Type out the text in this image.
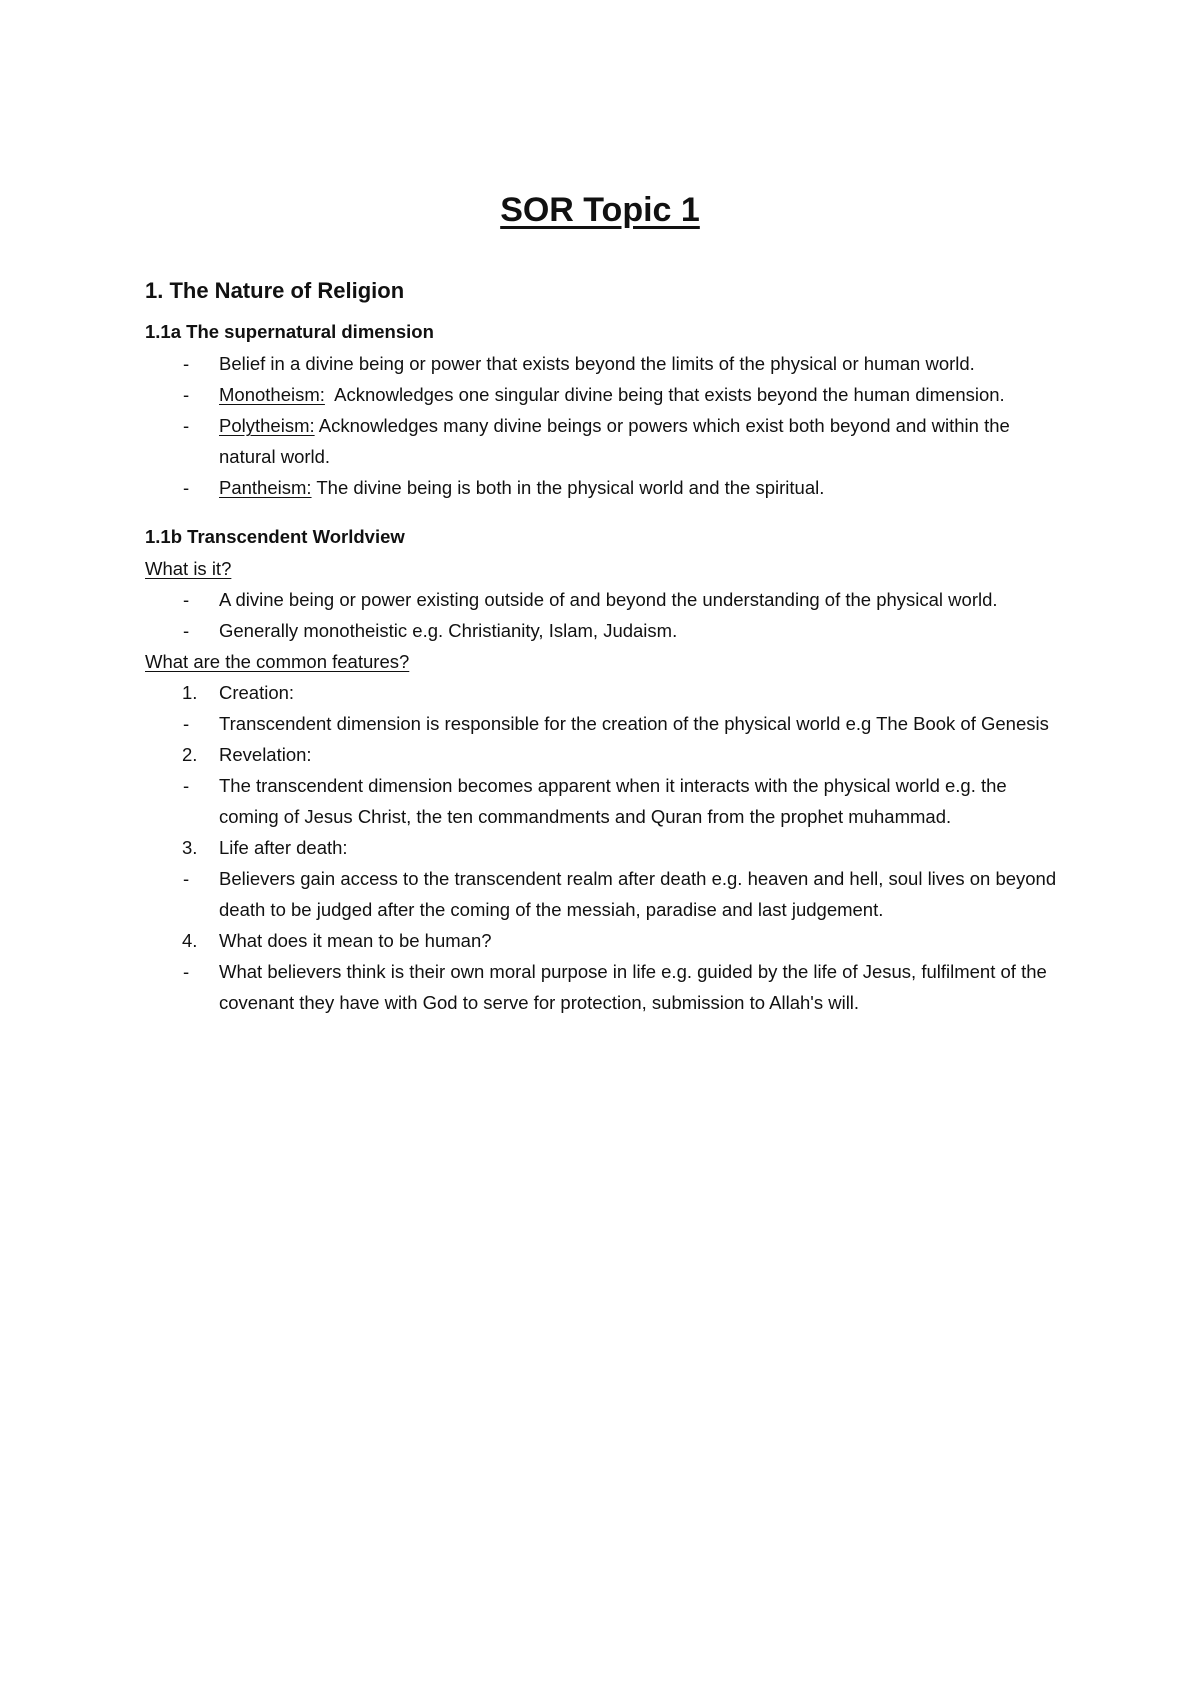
SOR Topic 1
1. The Nature of Religion
1.1a The supernatural dimension
- Belief in a divine being or power that exists beyond the limits of the physical or human world.
- Monotheism:  Acknowledges one singular divine being that exists beyond the human dimension.
- Polytheism: Acknowledges many divine beings or powers which exist both beyond and within the natural world.
- Pantheism: The divine being is both in the physical world and the spiritual.
1.1b Transcendent Worldview
What is it?
- A divine being or power existing outside of and beyond the understanding of the physical world.
- Generally monotheistic e.g. Christianity, Islam, Judaism.
What are the common features?
1. Creation:
- Transcendent dimension is responsible for the creation of the physical world e.g The Book of Genesis
2. Revelation:
- The transcendent dimension becomes apparent when it interacts with the physical world e.g. the coming of Jesus Christ, the ten commandments and Quran from the prophet muhammad.
3. Life after death:
- Believers gain access to the transcendent realm after death e.g. heaven and hell, soul lives on beyond death to be judged after the coming of the messiah, paradise and last judgement.
4. What does it mean to be human?
- What believers think is their own moral purpose in life e.g. guided by the life of Jesus, fulfilment of the covenant they have with God to serve for protection, submission to Allah's will.
